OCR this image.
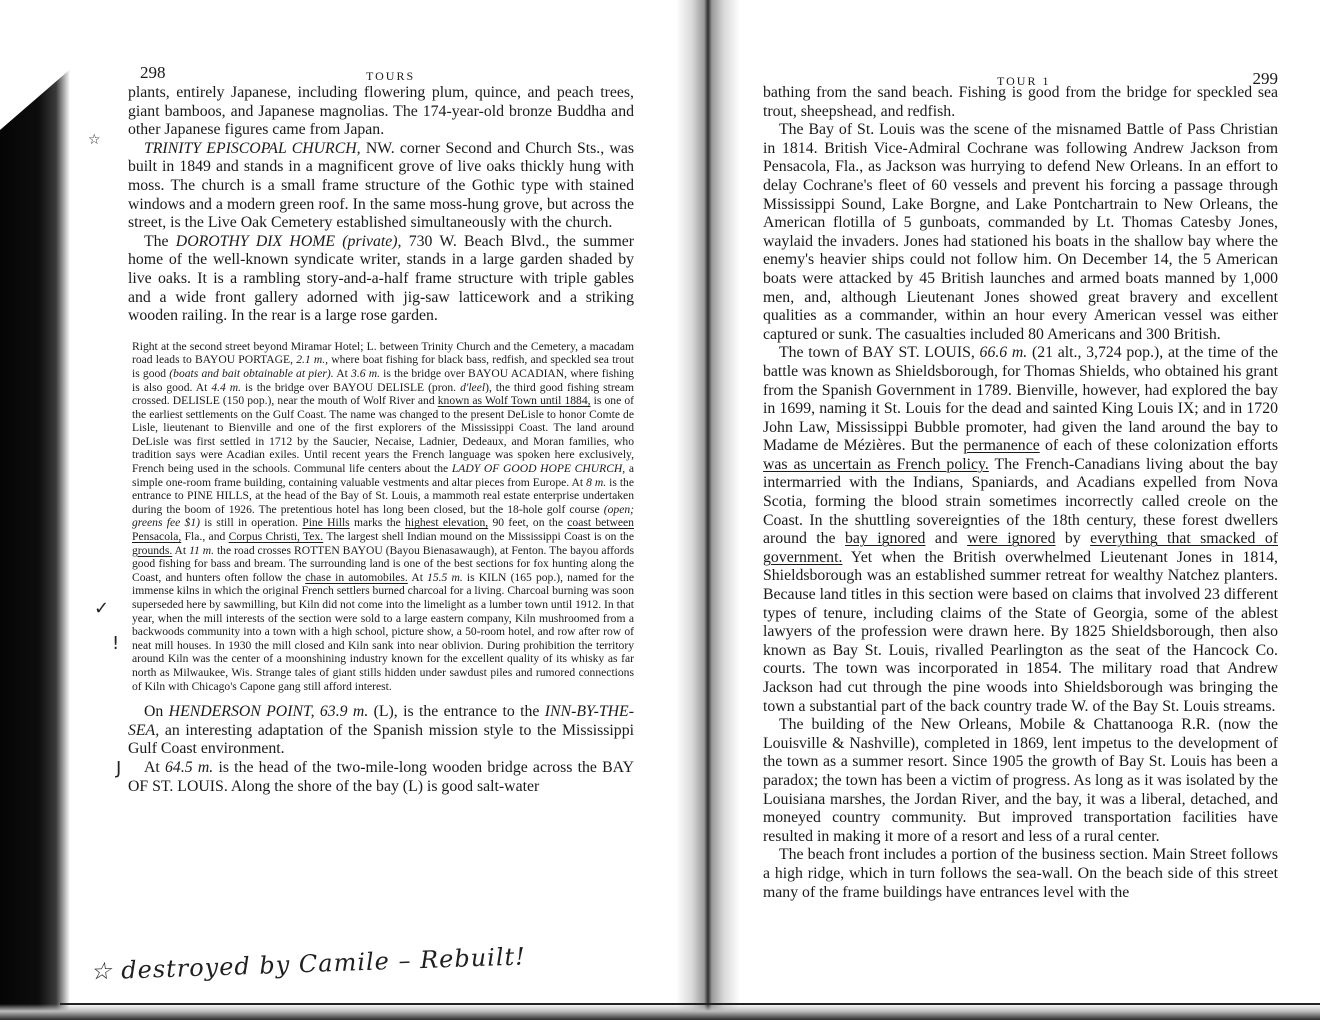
☆
✓
!
J
298	TOURS

plants, entirely Japanese, including flowering plum, quince, and peach trees, giant bamboos, and Japanese magnolias. The 174-year-old bronze Buddha and other Japanese figures came from Japan.

TRINITY EPISCOPAL CHURCH, NW. corner Second and Church Sts., was built in 1849 and stands in a magnificent grove of live oaks thickly hung with moss. The church is a small frame structure of the Gothic type with stained windows and a modern green roof. In the same moss-hung grove, but across the street, is the Live Oak Cemetery established simultaneously with the church.

The DOROTHY DIX HOME (private), 730 W. Beach Blvd., the summer home of the well-known syndicate writer, stands in a large garden shaded by live oaks. It is a rambling story-and-a-half frame structure with triple gables and a wide front gallery adorned with jig-saw latticework and a striking wooden railing. In the rear is a large rose garden.

Right at the second street beyond Miramar Hotel; L. between Trinity Church and the Cemetery, a macadam road leads to BAYOU PORTAGE, 2.1 m., where boat fishing for black bass, redfish, and speckled sea trout is good (boats and bait obtainable at pier). At 3.6 m. is the bridge over BAYOU ACADIAN, where fishing is also good. At 4.4 m. is the bridge over BAYOU DELISLE (pron. d'leel), the third good fishing stream crossed. DELISLE (150 pop.), near the mouth of Wolf River and known as Wolf Town until 1884, is one of the earliest settlements on the Gulf Coast. The name was changed to the present DeLisle to honor Comte de Lisle, lieutenant to Bienville and one of the first explorers of the Mississippi Coast. The land around DeLisle was first settled in 1712 by the Saucier, Necaise, Ladnier, Dedeaux, and Moran families, who tradition says were Acadian exiles. Until recent years the French language was spoken here exclusively, French being used in the schools. Communal life centers about the LADY OF GOOD HOPE CHURCH, a simple one-room frame building, containing valuable vestments and altar pieces from Europe. At 8 m. is the entrance to PINE HILLS, at the head of the Bay of St. Louis, a mammoth real estate enterprise undertaken during the boom of 1926. The pretentious hotel has long been closed, but the 18-hole golf course (open; greens fee $1) is still in operation. Pine Hills marks the highest elevation, 90 feet, on the coast between Pensacola, Fla., and Corpus Christi, Tex. The largest shell Indian mound on the Mississippi Coast is on the grounds. At 11 m. the road crosses ROTTEN BAYOU (Bayou Bienasawaugh), at Fenton. The bayou affords good fishing for bass and bream. The surrounding land is one of the best sections for fox hunting along the Coast, and hunters often follow the chase in automobiles. At 15.5 m. is KILN (165 pop.), named for the immense kilns in which the original French settlers burned charcoal for a living. Charcoal burning was soon superseded here by sawmilling, but Kiln did not come into the limelight as a lumber town until 1912. In that year, when the mill interests of the section were sold to a large eastern company, Kiln mushroomed from a backwoods community into a town with a high school, picture show, a 50-room hotel, and row after row of neat mill houses. In 1930 the mill closed and Kiln sank into near oblivion. During prohibition the territory around Kiln was the center of a moonshining industry known for the excellent quality of its whisky as far north as Milwaukee, Wis. Strange tales of giant stills hidden under sawdust piles and rumored connections of Kiln with Chicago's Capone gang still afford interest.

On HENDERSON POINT, 63.9 m. (L), is the entrance to the INN-BY-THE-SEA, an interesting adaptation of the Spanish mission style to the Mississippi Gulf Coast environment.

At 64.5 m. is the head of the two-mile-long wooden bridge across the BAY OF ST. LOUIS. Along the shore of the bay (L) is good salt-water

☆ destroyed by Camile – Rebuilt!
TOUR 1	299

bathing from the sand beach. Fishing is good from the bridge for speckled sea trout, sheepshead, and redfish.

The Bay of St. Louis was the scene of the misnamed Battle of Pass Christian in 1814. British Vice-Admiral Cochrane was following Andrew Jackson from Pensacola, Fla., as Jackson was hurrying to defend New Orleans. In an effort to delay Cochrane's fleet of 60 vessels and prevent his forcing a passage through Mississippi Sound, Lake Borgne, and Lake Pontchartrain to New Orleans, the American flotilla of 5 gunboats, commanded by Lt. Thomas Catesby Jones, waylaid the invaders. Jones had stationed his boats in the shallow bay where the enemy's heavier ships could not follow him. On December 14, the 5 American boats were attacked by 45 British launches and armed boats manned by 1,000 men, and, although Lieutenant Jones showed great bravery and excellent qualities as a commander, within an hour every American vessel was either captured or sunk. The casualties included 80 Americans and 300 British.

The town of BAY ST. LOUIS, 66.6 m. (21 alt., 3,724 pop.), at the time of the battle was known as Shieldsborough, for Thomas Shields, who obtained his grant from the Spanish Government in 1789. Bienville, however, had explored the bay in 1699, naming it St. Louis for the dead and sainted King Louis IX; and in 1720 John Law, Mississippi Bubble promoter, had given the land around the bay to Madame de Mézières. But the permanence of each of these colonization efforts was as uncertain as French policy. The French-Canadians living about the bay intermarried with the Indians, Spaniards, and Acadians expelled from Nova Scotia, forming the blood strain sometimes incorrectly called creole on the Coast. In the shuttling sovereignties of the 18th century, these forest dwellers around the bay ignored and were ignored by everything that smacked of government. Yet when the British overwhelmed Lieutenant Jones in 1814, Shieldsborough was an established summer retreat for wealthy Natchez planters. Because land titles in this section were based on claims that involved 23 different types of tenure, including claims of the State of Georgia, some of the ablest lawyers of the profession were drawn here. By 1825 Shieldsborough, then also known as Bay St. Louis, rivalled Pearlington as the seat of the Hancock Co. courts. The town was incorporated in 1854. The military road that Andrew Jackson had cut through the pine woods into Shieldsborough was bringing the town a substantial part of the back country trade W. of the Bay St. Louis streams.

The building of the New Orleans, Mobile & Chattanooga R.R. (now the Louisville & Nashville), completed in 1869, lent impetus to the development of the town as a summer resort. Since 1905 the growth of Bay St. Louis has been a paradox; the town has been a victim of progress. As long as it was isolated by the Louisiana marshes, the Jordan River, and the bay, it was a liberal, detached, and moneyed country community. But improved transportation facilities have resulted in making it more of a resort and less of a rural center.

The beach front includes a portion of the business section. Main Street follows a high ridge, which in turn follows the sea-wall. On the beach side of this street many of the frame buildings have entrances level with the
